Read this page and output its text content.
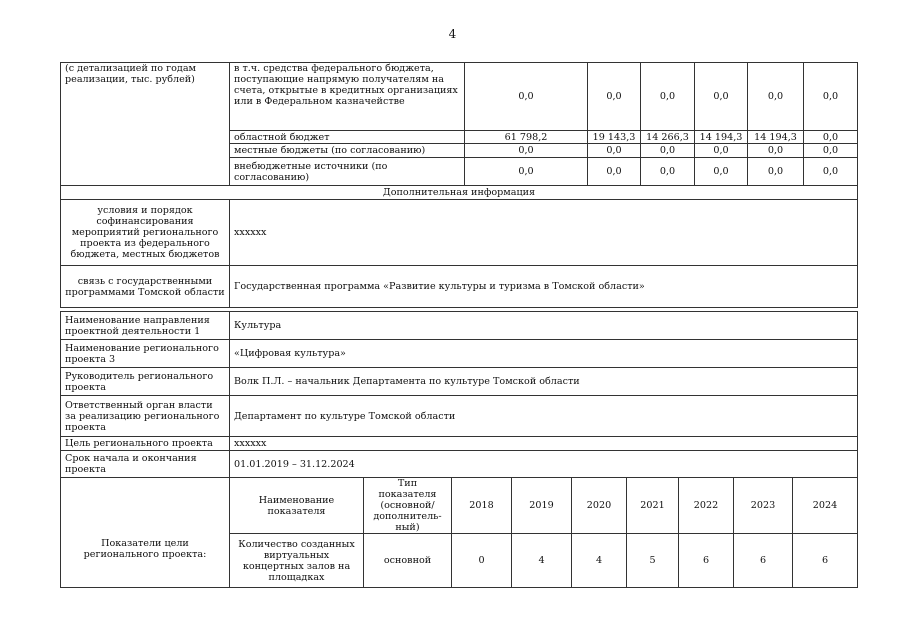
4
(с детализацией по годам реализации, тыс. рублей)	в т.ч. средства федерального бюджета, поступающие напрямую получателям на счета, открытые в кредитных организациях или в Федеральном казначействе	0,0	0,0	0,0	0,0	0,0	0,0
	областной бюджет	61 798,2	19 143,3	14 266,3	14 194,3	14 194,3	0,0
	местные бюджеты (по согласованию)	0,0	0,0	0,0	0,0	0,0	0,0
	внебюджетные источники (по согласованию)	0,0	0,0	0,0	0,0	0,0	0,0
Дополнительная информация							
условия и порядок софинансирования мероприятий регионального проекта из федерального бюджета, местных бюджетов	хххххх						
связь с государственными программами Томской области	Государственная программа «Развитие культуры и туризма в Томской области»						
Наименование направления проектной деятельности 1	Культура
Наименование регионального проекта 3	«Цифровая культура»
Руководитель регионального проекта	Волк П.Л. – начальник Департамента по культуре Томской области
Ответственный орган власти за реализацию регионального проекта	Департамент по культуре Томской области
Цель регионального проекта	хххххх
Срок начала и окончания проекта	01.01.2019 – 31.12.2024
Показатели цели регионального проекта:	Наименование показателя	Тип показателя (основной/ дополнитель-ный)	2018	2019	2020	2021	2022	2023	2024
	Количество созданных виртуальных концертных залов на площадках	основной	0	4	4	5	6	6	6
